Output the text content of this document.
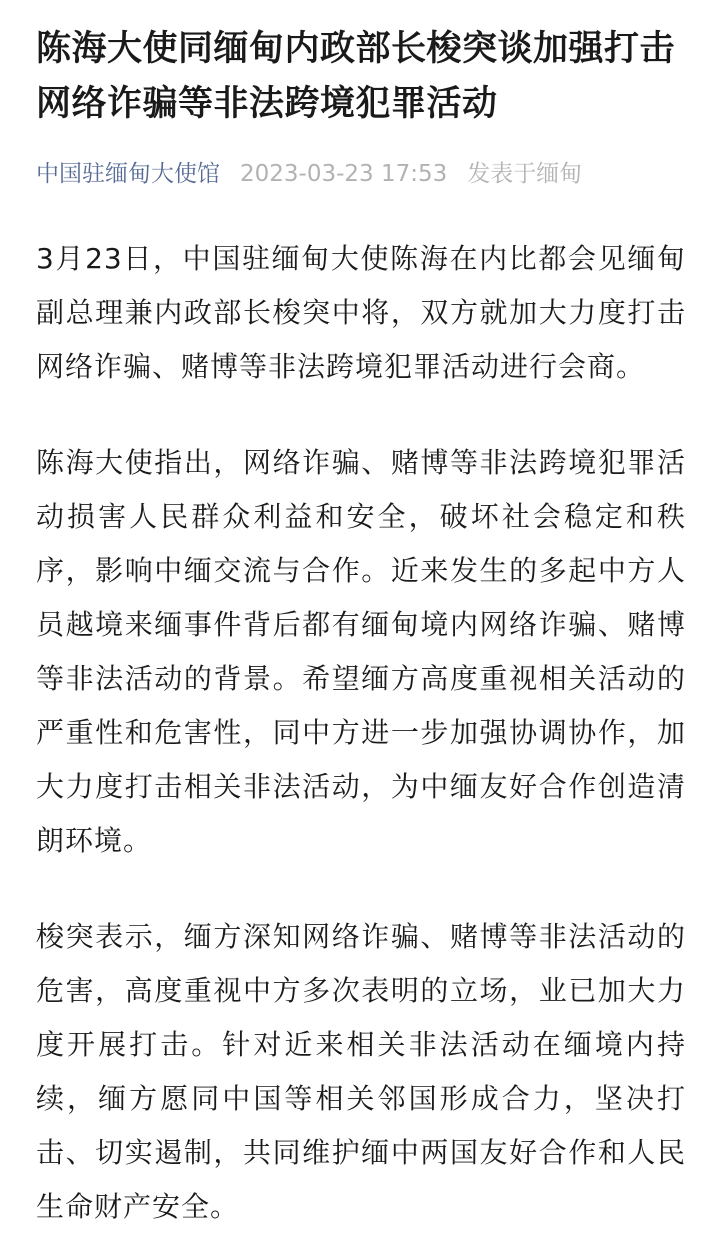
陈海大使同缅甸内政部长梭突谈加强打击网络诈骗等非法跨境犯罪活动
中国驻缅甸大使馆 2023-03-23 17:53 发表于缅甸

3月23日，中国驻缅甸大使陈海在内比都会见缅甸副总理兼内政部长梭突中将，双方就加大力度打击网络诈骗、赌博等非法跨境犯罪活动进行会商。

陈海大使指出，网络诈骗、赌博等非法跨境犯罪活动损害人民群众利益和安全，破坏社会稳定和秩序，影响中缅交流与合作。近来发生的多起中方人员越境来缅事件背后都有缅甸境内网络诈骗、赌博等非法活动的背景。希望缅方高度重视相关活动的严重性和危害性，同中方进一步加强协调协作，加大力度打击相关非法活动，为中缅友好合作创造清朗环境。

梭突表示，缅方深知网络诈骗、赌博等非法活动的危害，高度重视中方多次表明的立场，业已加大力度开展打击。针对近来相关非法活动在缅境内持续，缅方愿同中国等相关邻国形成合力，坚决打击、切实遏制，共同维护缅中两国友好合作和人民生命财产安全。
